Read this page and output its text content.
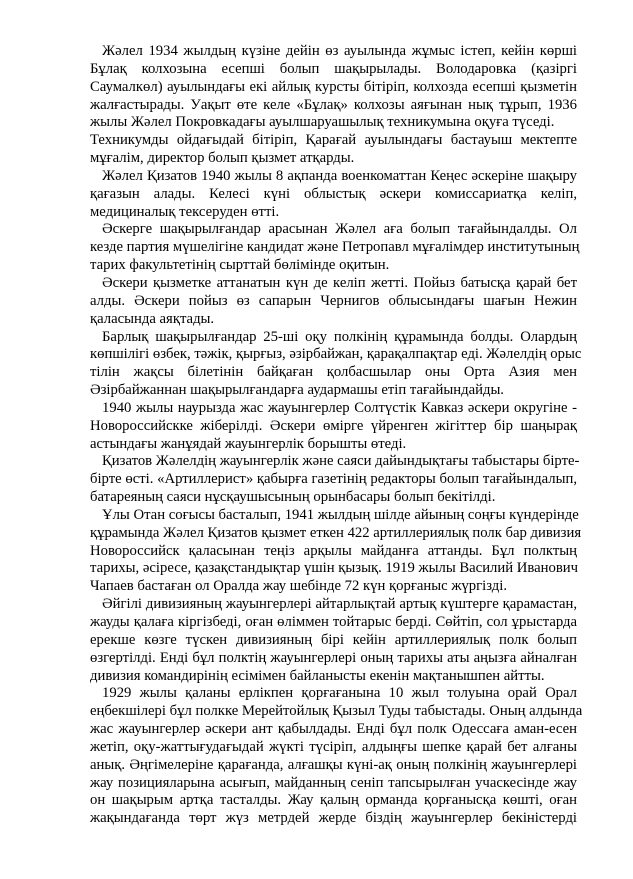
Жәлел 1934 жылдың күзіне дейін өз ауылында жұмыс істеп, кейін көрші
Бұлақ колхозына есепші болып шақырылады. Володаровка (қазіргі
Саумалкөл) ауылындағы екі айлық курсты бітіріп, колхозда есепші қызметін
жалғастырады. Уақыт өте келе «Бұлақ» колхозы аяғынан нық тұрып, 1936
жылы Жәлел Покровкадағы ауылшаруашылық техникумына оқуға түседі.
Техникумды ойдағыдай бітіріп, Қарағай ауылындағы бастауыш мектепте
мұғалім, директор болып қызмет атқарды.
Жәлел Қизатов 1940 жылы 8 ақпанда военкоматтан Кеңес әскеріне шақыру
қағазын алады. Келесі күні облыстық әскери комиссариатқа келіп,
медициналық тексеруден өтті.
Әскерге шақырылғандар арасынан Жәлел аға болып тағайындалды. Ол
кезде партия мүшелігіне кандидат және Петропавл мұғалімдер институтының
тарих факультетінің сырттай бөлімінде оқитын.
Әскери қызметке аттанатын күн де келіп жетті. Пойыз батысқа қарай бет
алды. Әскери пойыз өз сапарын Чернигов облысындағы шағын Нежин
қаласында аяқтады.
Барлық шақырылғандар 25-ші оқу полкінің құрамында болды. Олардың
көпшілігі өзбек, тәжік, қырғыз, әзірбайжан, қарақалпақтар еді. Жәлелдің орыс
тілін жақсы білетінін байқаған қолбасшылар оны Орта Азия мен
Әзірбайжаннан шақырылғандарға аудармашы етіп тағайындайды.
1940 жылы наурызда жас жауынгерлер Солтүстік Кавказ әскери округіне -
Новороссийскке жіберілді. Әскери өмірге үйренген жігіттер бір шаңырақ
астындағы жанұядай жауынгерлік борышты өтеді.
Қизатов Жәлелдің жауынгерлік және саяси дайындықтағы табыстары бірте-
бірте өсті. «Артиллерист» қабырға газетінің редакторы болып тағайындалып,
батареяның саяси нұсқаушысының орынбасары болып бекітілді.
Ұлы Отан соғысы басталып, 1941 жылдың шілде айының соңғы күндерінде
құрамында Жәлел Қизатов қызмет еткен 422 артиллериялық полк бар дивизия
Новороссийск қаласынан теңіз арқылы майданға аттанды. Бұл полктың
тарихы, әсіресе, қазақстандықтар үшін қызық. 1919 жылы Василий Иванович
Чапаев бастаған ол Оралда жау шебінде 72 күн қорғаныс жүргізді.
Әйгілі дивизияның жауынгерлері айтарлықтай артық күштерге қарамастан,
жауды қалаға кіргізбеді, оған өліммен тойтарыс берді. Сөйтіп, сол ұрыстарда
ерекше көзге түскен дивизияның бірі кейін артиллериялық полк болып
өзгертілді. Енді бұл полктің жауынгерлері оның тарихы аты аңызға айналған
дивизия командирінің есімімен байланысты екенін мақтанышпен айтты.
1929 жылы қаланы ерлікпен қорғағанына 10 жыл толуына орай Орал
еңбекшілері бұл полкке Мерейтойлық Қызыл Туды табыстады. Оның алдында
жас жауынгерлер әскери ант қабылдады. Енді бұл полк Одессаға аман-есен
жетіп, оқу-жаттығудағыдай жүкті түсіріп, алдыңғы шепке қарай бет алғаны
анық. Әңгімелеріне қарағанда, алғашқы күні-ақ оның полкінің жауынгерлері
жау позицияларына асығып, майданның сеніп тапсырылған учаскесінде жау
он шақырым артқа тасталды. Жау қалың орманда қорғанысқа көшті, оған
жақындағанда төрт жүз метрдей жерде біздің жауынгерлер бекіністерді
